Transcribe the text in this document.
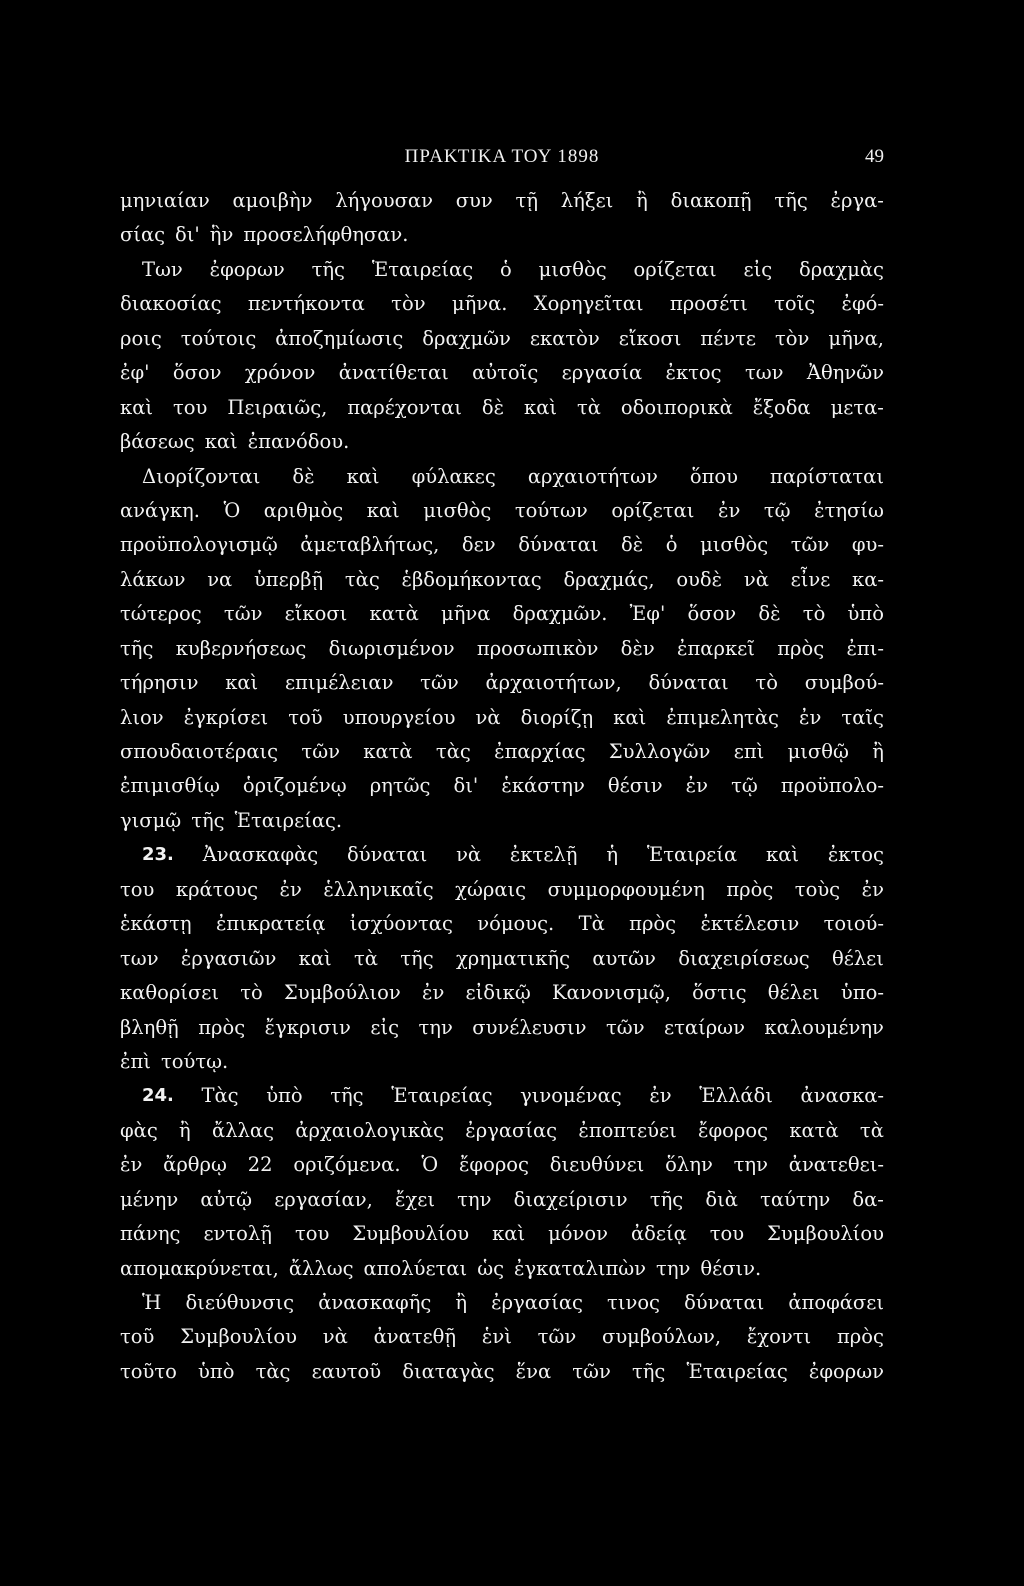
ΠΡΑΚΤΙΚΑ ΤΟΥ 1898	49
μηνιαίαν αμοιβὴν λήγουσαν συν τῇ λήξει ἢ διακοπῇ τῆς ἐργα-
σίας δι' ἣν προσελήφθησαν.
Των ἐφορων τῆς Ἑταιρείας ὁ μισθὸς ορίζεται εἰς δραχμὰς
διακοσίας πεντήκοντα τὸν μῆνα. Χορηγεῖται προσέτι τοῖς ἐφό-
ροις τούτοις ἀποζημίωσις δραχμῶν εκατὸν εἴκοσι πέντε τὸν μῆνα,
ἐφ' ὅσον χρόνον ἀνατίθεται αὐτοῖς εργασία ἐκτος των Ἀθηνῶν
καὶ του Πειραιῶς, παρέχονται δὲ καὶ τὰ οδοιπορικὰ ἔξοδα μετα-
βάσεως καὶ ἐπανόδου.
Διορίζονται δὲ καὶ φύλακες αρχαιοτήτων ὅπου παρίσταται
ανάγκη. Ὁ αριθμὸς καὶ μισθὸς τούτων ορίζεται ἐν τῷ ἐτησίω
προϋπολογισμῷ ἀμεταβλήτως, δεν δύναται δὲ ὁ μισθὸς τῶν φυ-
λάκων να ὑπερβῇ τὰς ἑβδομήκοντας δραχμάς, ουδὲ νὰ εἶνε κα-
τώτερος τῶν εἴκοσι κατὰ μῆνα δραχμῶν. Ἐφ' ὅσον δὲ τὸ ὑπὸ
τῆς κυβερνήσεως διωρισμένον προσωπικὸν δὲν ἐπαρκεῖ πρὸς ἐπι-
τήρησιν καὶ επιμέλειαν τῶν ἀρχαιοτήτων, δύναται τὸ συμβού-
λιον ἐγκρίσει τοῦ υπουργείου νὰ διορίζῃ καὶ ἐπιμελητὰς ἐν ταῖς
σπουδαιοτέραις τῶν κατὰ τὰς ἐπαρχίας Συλλογῶν επὶ μισθῷ ἢ
ἐπιμισθίῳ ὁριζομένῳ ρητῶς δι' ἑκάστην θέσιν ἐν τῷ προϋπολο-
γισμῷ τῆς Ἑταιρείας.
23. Ἀνασκαφὰς δύναται νὰ ἐκτελῇ ἡ Ἑταιρεία καὶ ἐκτος
του κράτους ἐν ἑλληνικαῖς χώραις συμμορφουμένη πρὸς τοὺς ἐν
ἑκάστῃ ἐπικρατείᾳ ἰσχύοντας νόμους. Τὰ πρὸς ἐκτέλεσιν τοιού-
των ἐργασιῶν καὶ τὰ τῆς χρηματικῆς αυτῶν διαχειρίσεως θέλει
καθορίσει τὸ Συμβούλιον ἐν εἰδικῷ Κανονισμῷ, ὅστις θέλει ὑπο-
βληθῇ πρὸς ἔγκρισιν εἰς την συνέλευσιν τῶν εταίρων καλουμένην
ἐπὶ τούτῳ.
24. Τὰς ὑπὸ τῆς Ἑταιρείας γινομένας ἐν Ἑλλάδι ἀνασκα-
φὰς ἢ ἄλλας ἀρχαιολογικὰς ἐργασίας ἐποπτεύει ἔφορος κατὰ τὰ
ἐν ἄρθρῳ 22 οριζόμενα. Ὁ ἔφορος διευθύνει ὅλην την ἀνατεθει-
μένην αὐτῷ εργασίαν, ἔχει την διαχείρισιν τῆς διὰ ταύτην δα-
πάνης εντολῇ του Συμβουλίου καὶ μόνον ἀδείᾳ του Συμβουλίου
απομακρύνεται, ἄλλως απολύεται ὡς ἐγκαταλιπὼν την θέσιν.
Ἡ διεύθυνσις ἀνασκαφῆς ἢ ἐργασίας τινος δύναται ἀποφάσει
τοῦ Συμβουλίου νὰ ἀνατεθῇ ἑνὶ τῶν συμβούλων, ἔχοντι πρὸς
τοῦτο ὑπὸ τὰς εαυτοῦ διαταγὰς ἕνα τῶν τῆς Ἑταιρείας ἐφορων
